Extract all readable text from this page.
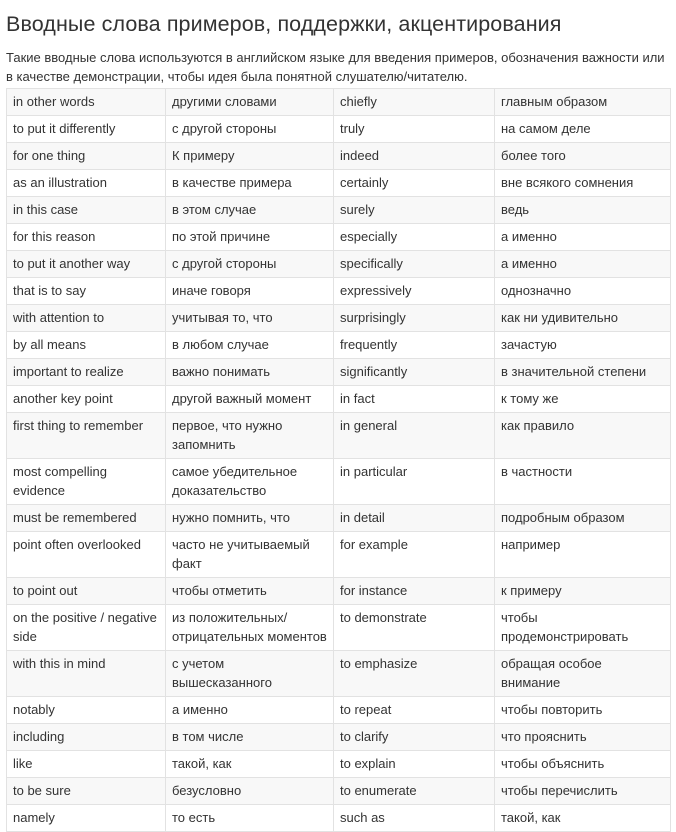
Вводные слова примеров, поддержки, акцентирования

Такие вводные слова используются в английском языке для введения примеров, обозначения важности или в качестве демонстрации, чтобы идея была понятной слушателю/читателю.

in other words	другими словами	chiefly	главным образом
to put it differently	с другой стороны	truly	на самом деле
for one thing	К примеру	indeed	более того
as an illustration	в качестве примера	certainly	вне всякого сомнения
in this case	в этом случае	surely	ведь
for this reason	по этой причине	especially	а именно
to put it another way	с другой стороны	specifically	а именно
that is to say	иначе говоря	expressively	однозначно
with attention to	учитывая то, что	surprisingly	как ни удивительно
by all means	в любом случае	frequently	зачастую
important to realize	важно понимать	significantly	в значительной степени
another key point	другой важный момент	in fact	к тому же
first thing to remember	первое, что нужно запомнить	in general	как правило
most compelling evidence	самое убедительное доказательство	in particular	в частности
must be remembered	нужно помнить, что	in detail	подробным образом
point often overlooked	часто не учитываемый факт	for example	например
to point out	чтобы отметить	for instance	к примеру
on the positive / negative side	из положительных/ отрицательных моментов	to demonstrate	чтобы продемонстрировать
with this in mind	с учетом вышесказанного	to emphasize	обращая особое внимание
notably	а именно	to repeat	чтобы повторить
including	в том числе	to clarify	что прояснить
like	такой, как	to explain	чтобы объяснить
to be sure	безусловно	to enumerate	чтобы перечислить
namely	то есть	such as	такой, как
